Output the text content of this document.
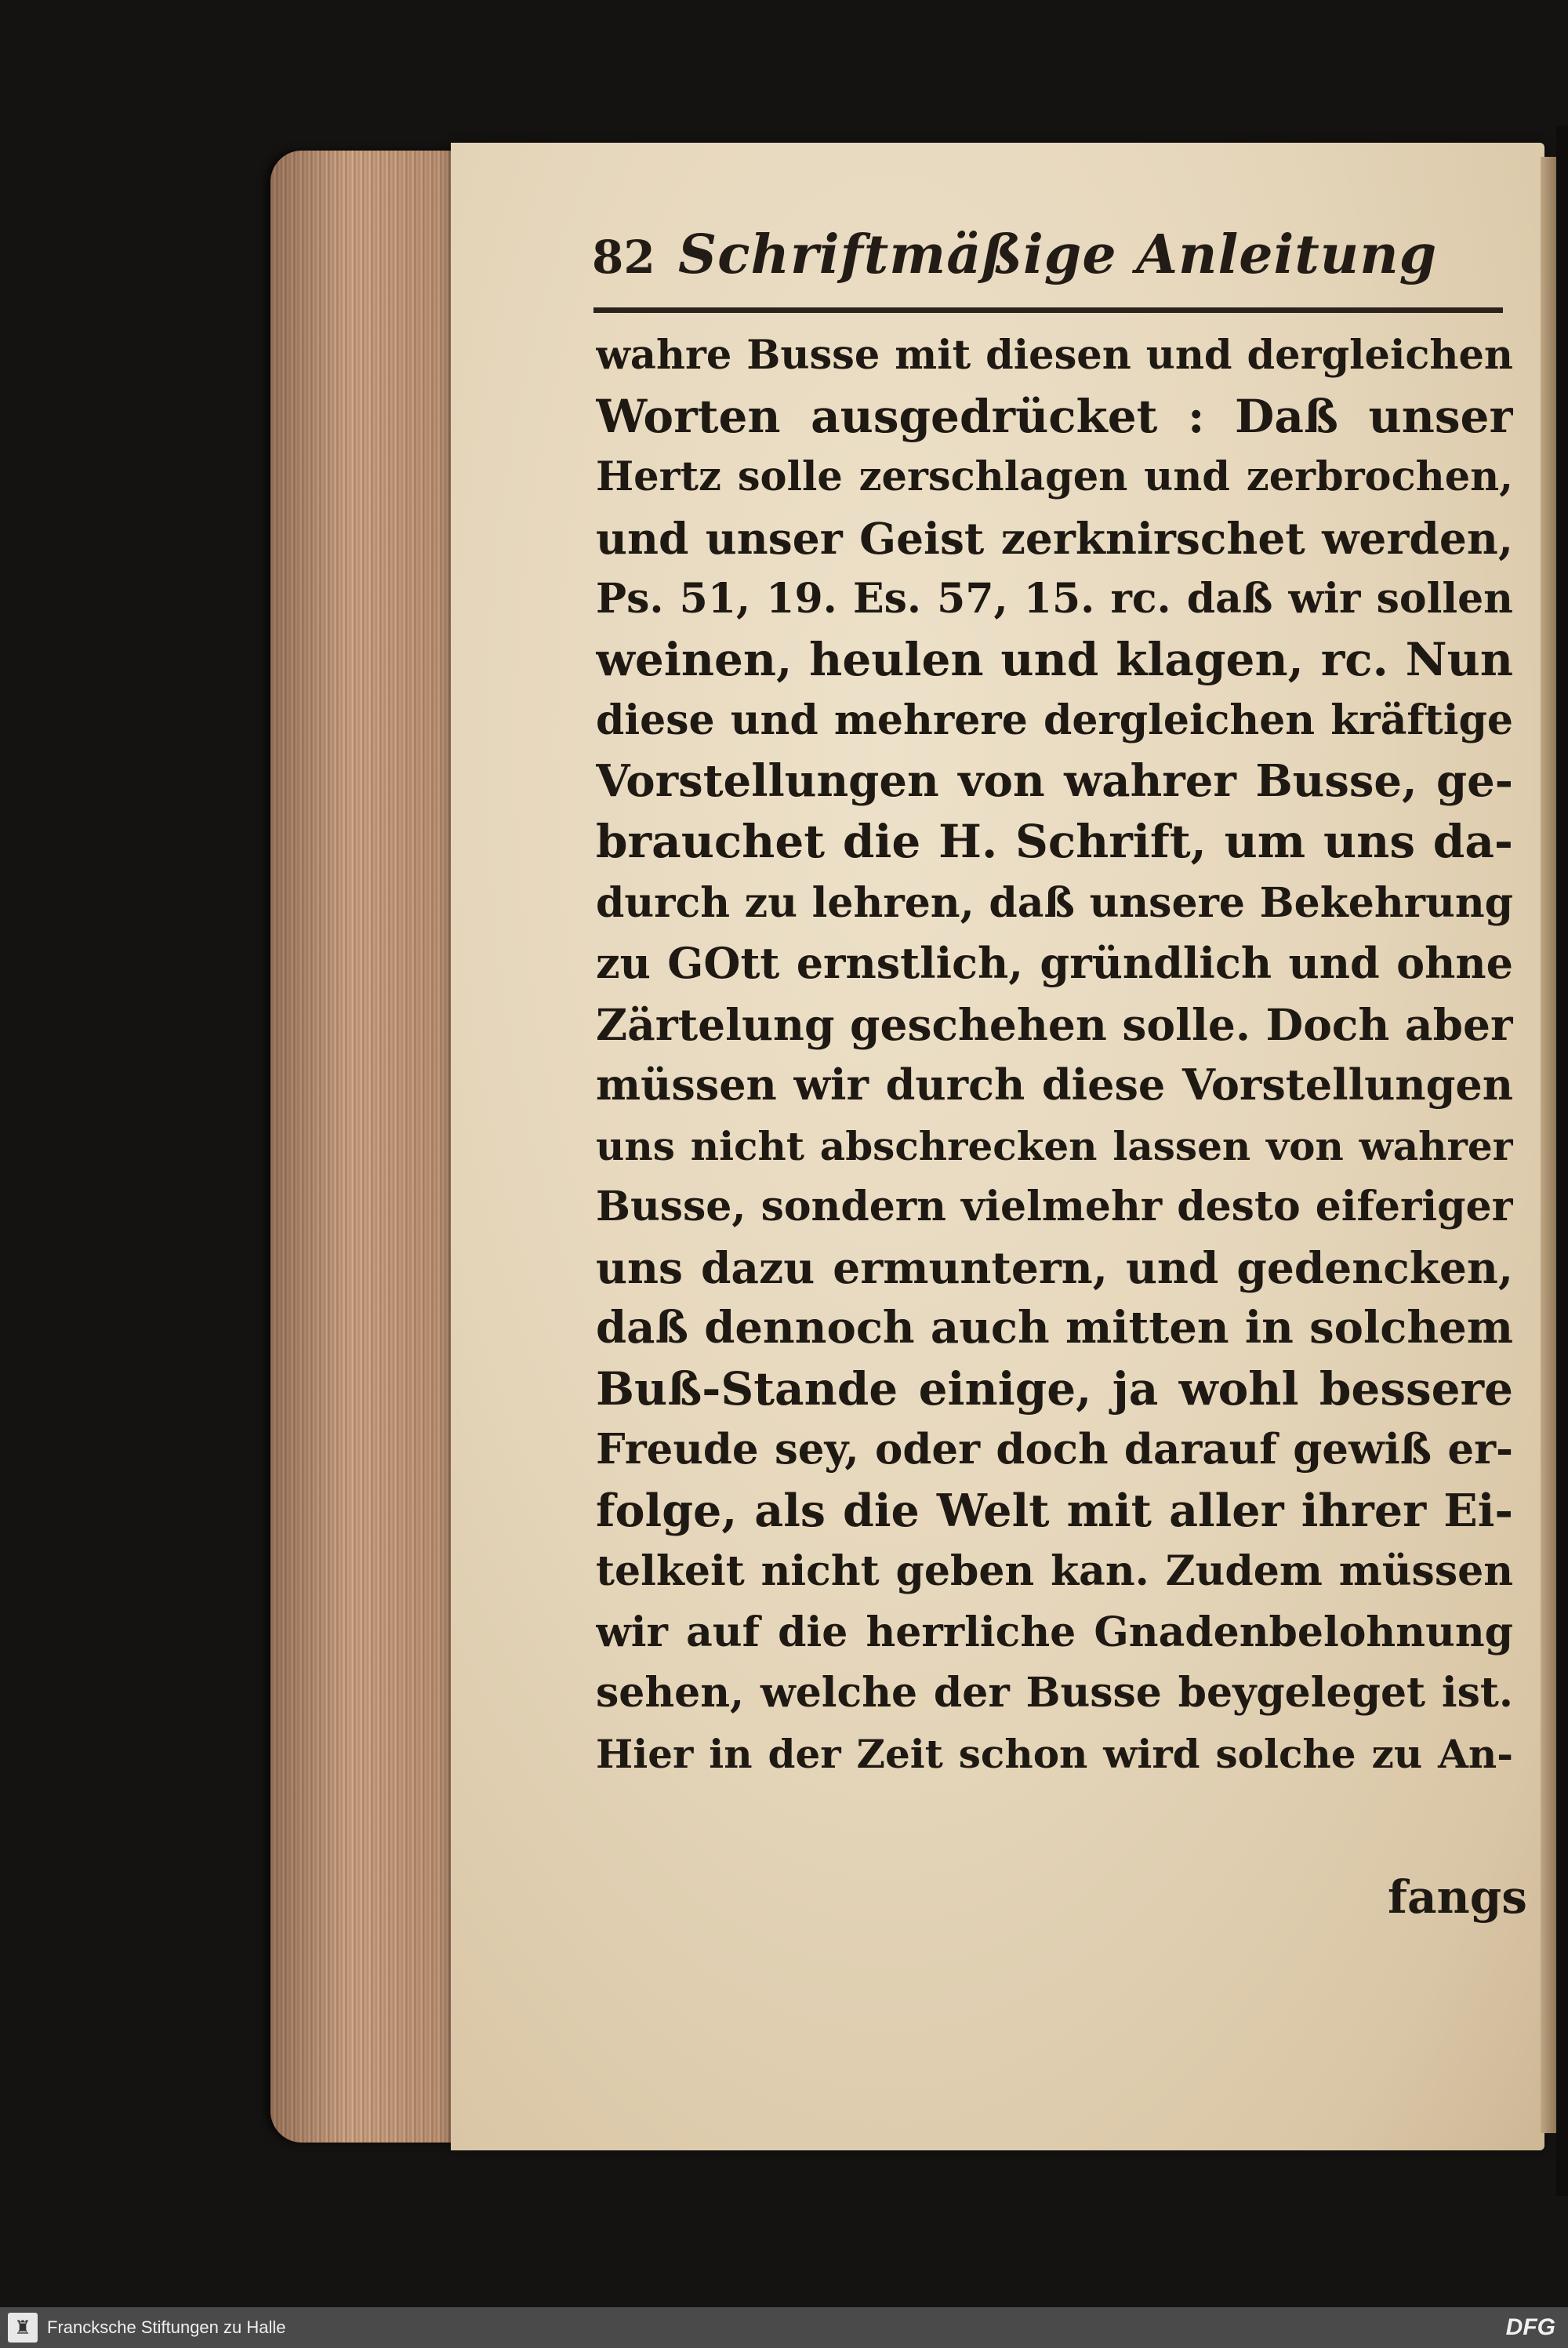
82 Schriftmäßige Anleitung
wahre Busse mit diesen und dergleichen
Worten ausgedrücket : Daß unser
Hertz solle zerschlagen und zerbrochen,
und unser Geist zerknirschet werden,
Ps. 51, 19. Es. 57, 15. rc. daß wir sollen
weinen, heulen und klagen, rc. Nun
diese und mehrere dergleichen kräftige
Vorstellungen von wahrer Busse, ge-
brauchet die H. Schrift, um uns da-
durch zu lehren, daß unsere Bekehrung
zu GOtt ernstlich, gründlich und ohne
Zärtelung geschehen solle. Doch aber
müssen wir durch diese Vorstellungen
uns nicht abschrecken lassen von wahrer
Busse, sondern vielmehr desto eiferiger
uns dazu ermuntern, und gedencken,
daß dennoch auch mitten in solchem
Buß-Stande einige, ja wohl bessere
Freude sey, oder doch darauf gewiß er-
folge, als die Welt mit aller ihrer Ei-
telkeit nicht geben kan. Zudem müssen
wir auf die herrliche Gnadenbelohnung
sehen, welche der Busse beygeleget ist.
Hier in der Zeit schon wird solche zu An-
fangs
♜ Francksche Stiftungen zu Halle	DFG
